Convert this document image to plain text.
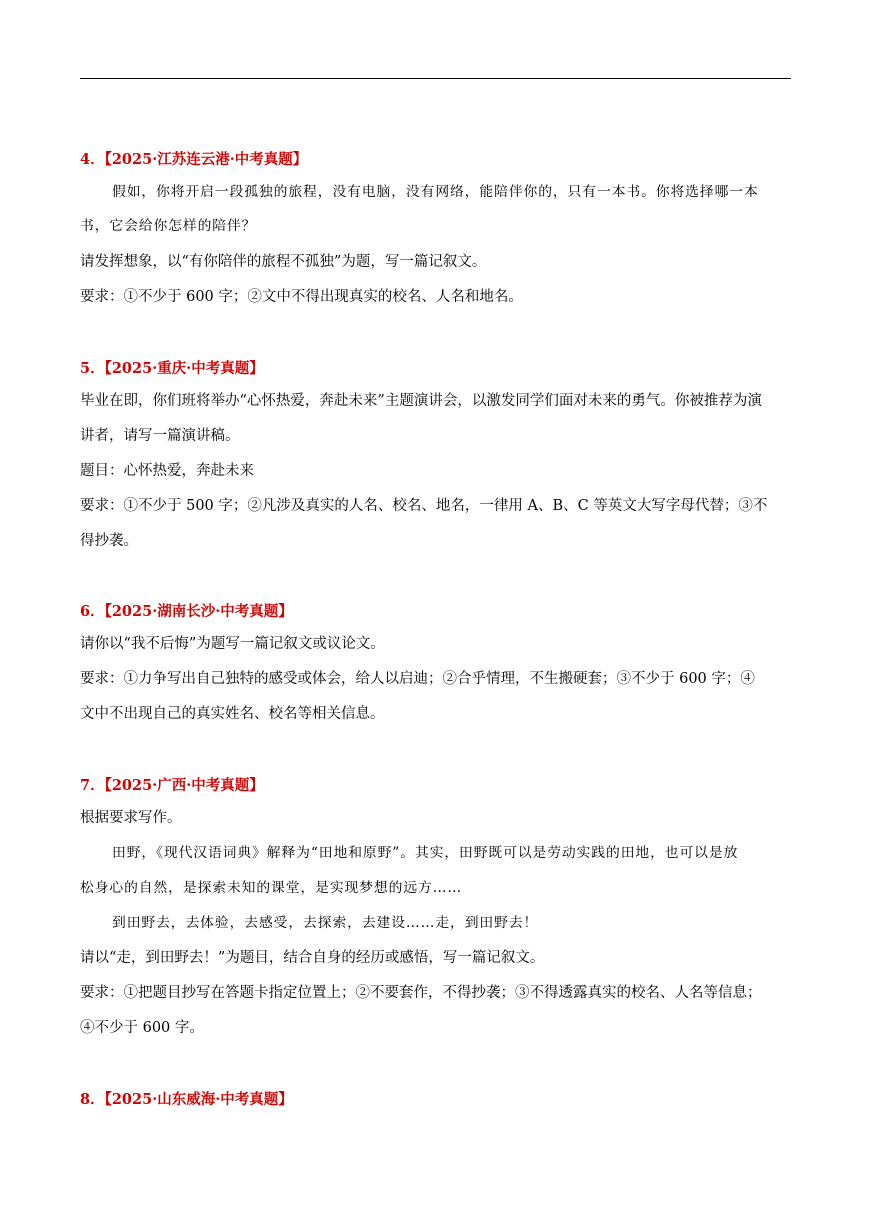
4．【2025·江苏连云港·中考真题】
假如，你将开启一段孤独的旅程，没有电脑，没有网络，能陪伴你的，只有一本书。你将选择哪一本
书，它会给你怎样的陪伴？
请发挥想象，以“有你陪伴的旅程不孤独”为题，写一篇记叙文。
要求：①不少于 600 字；②文中不得出现真实的校名、人名和地名。
5．【2025·重庆·中考真题】
毕业在即，你们班将举办“心怀热爱，奔赴未来”主题演讲会，以激发同学们面对未来的勇气。你被推荐为演
讲者，请写一篇演讲稿。
题目：心怀热爱，奔赴未来
要求：①不少于 500 字；②凡涉及真实的人名、校名、地名，一律用 A、B、C 等英文大写字母代替；③不
得抄袭。
6．【2025·湖南长沙·中考真题】
请你以“我不后悔”为题写一篇记叙文或议论文。
要求：①力争写出自己独特的感受或体会，给人以启迪；②合乎情理，不生搬硬套；③不少于 600 字；④
文中不出现自己的真实姓名、校名等相关信息。
7．【2025·广西·中考真题】
根据要求写作。
田野，《现代汉语词典》解释为“田地和原野”。其实，田野既可以是劳动实践的田地，也可以是放
松身心的自然，是探索未知的课堂，是实现梦想的远方……
到田野去，去体验，去感受，去探索，去建设……走，到田野去！
请以“走，到田野去！”为题目，结合自身的经历或感悟，写一篇记叙文。
要求：①把题目抄写在答题卡指定位置上；②不要套作，不得抄袭；③不得透露真实的校名、人名等信息；
④不少于 600 字。
8．【2025·山东威海·中考真题】
